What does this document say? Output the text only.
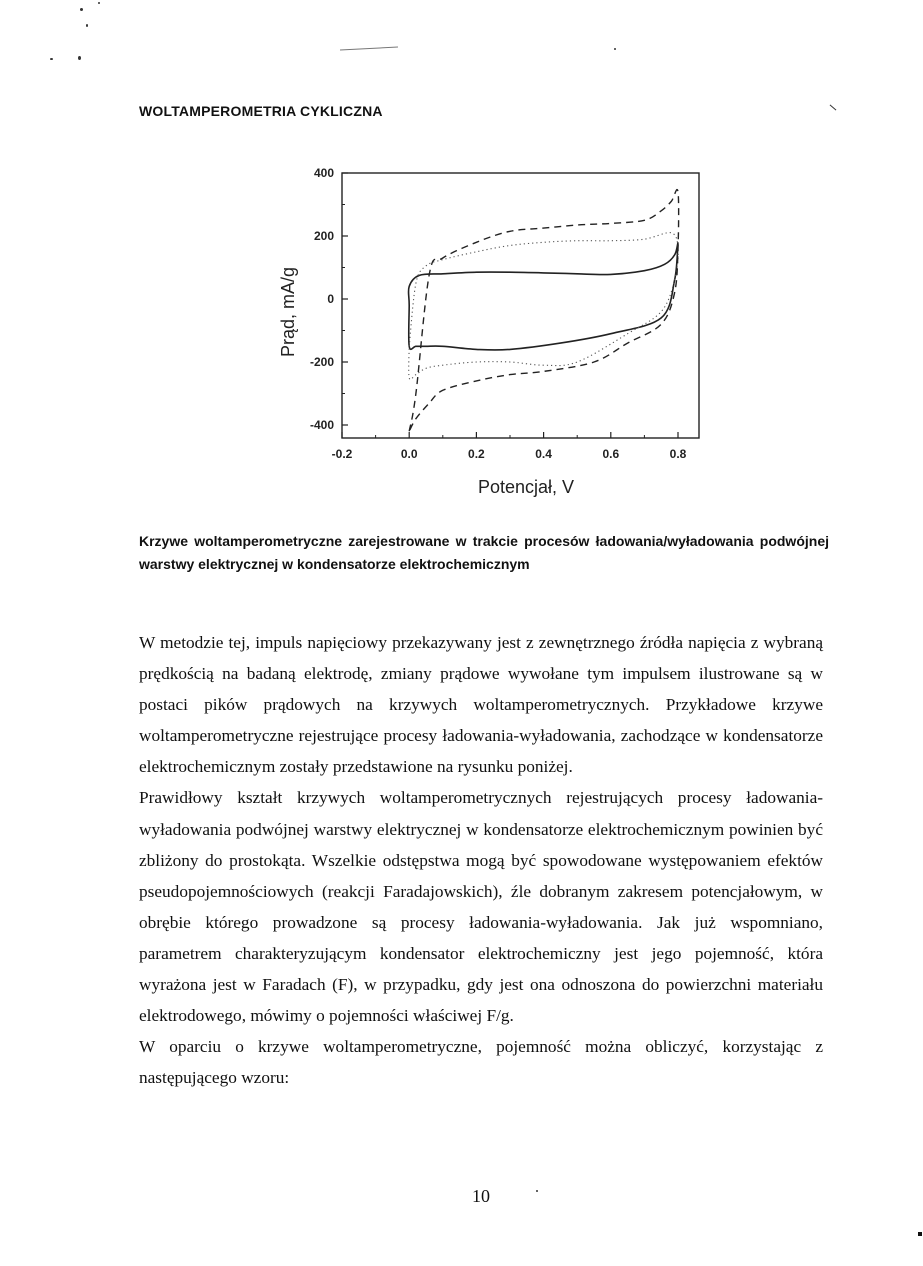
WOLTAMPEROMETRIA CYKLICZNA
-0.2	0.0	0.2	0.4	0.6	0.8
400
200
0
-200
-400
Potencjał, V
Prąd, mA/g
Krzywe woltamperometryczne zarejestrowane w trakcie procesów ładowania/wyładowania podwójnej warstwy elektrycznej w kondensatorze elektrochemicznym

W metodzie tej, impuls napięciowy przekazywany jest z zewnętrznego źródła napięcia z wybraną prędkością na badaną elektrodę, zmiany prądowe wywołane tym impulsem ilustrowane są w postaci pików prądowych na krzywych woltamperometrycznych. Przykładowe krzywe woltamperometryczne rejestrujące procesy ładowania-wyładowania, zachodzące w kondensatorze elektrochemicznym zostały przedstawione na rysunku poniżej.

Prawidłowy kształt krzywych woltamperometrycznych rejestrujących procesy ładowania-wyładowania podwójnej warstwy elektrycznej w kondensatorze elektrochemicznym powinien być zbliżony do prostokąta. Wszelkie odstępstwa mogą być spowodowane występowaniem efektów pseudopojemnościowych (reakcji Faradajowskich), źle dobranym zakresem potencjałowym, w obrębie którego prowadzone są procesy ładowania-wyładowania. Jak już wspomniano, parametrem charakteryzującym kondensator elektrochemiczny jest jego pojemność, która wyrażona jest w Faradach (F), w przypadku, gdy jest ona odnoszona do powierzchni materiału elektrodowego, mówimy o pojemności właściwej F/g.

W oparciu o krzywe woltamperometryczne, pojemność można obliczyć, korzystając z następującego wzoru:

10
